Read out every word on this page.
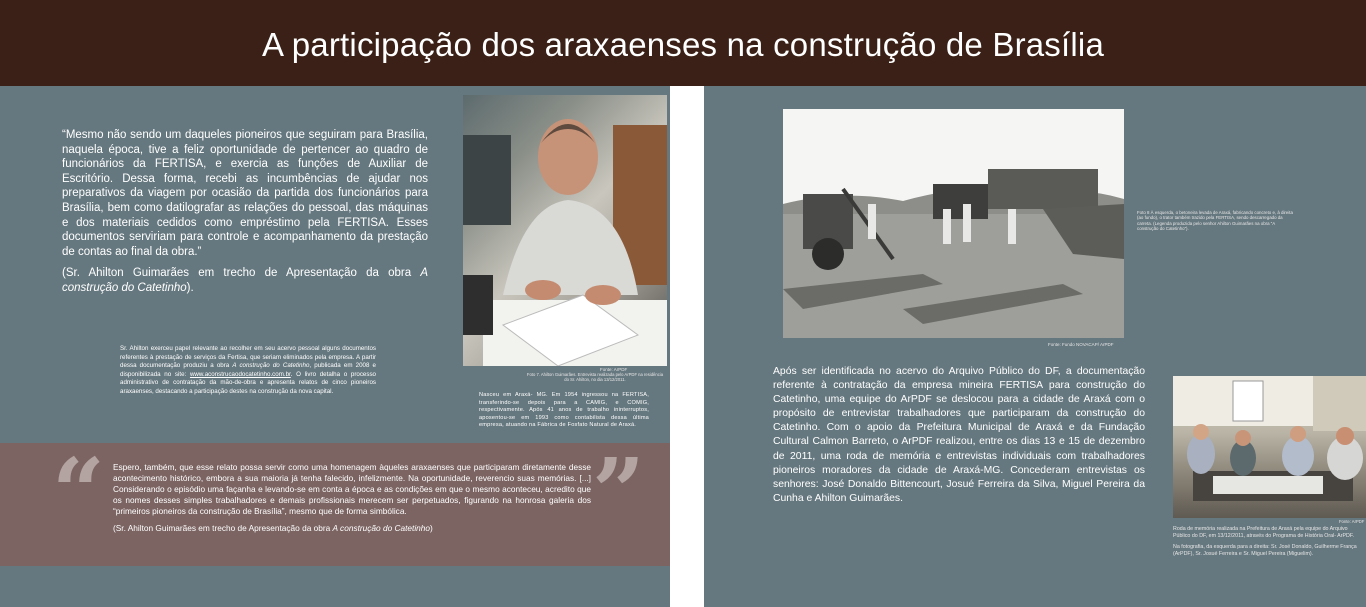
A participação dos araxaenses na construção de Brasília

“Mesmo não sendo um daqueles pioneiros que seguiram para Brasília, naquela época, tive a feliz oportunidade de pertencer ao quadro de funcionários da FERTISA, e exercia as funções de Auxiliar de Escritório. Dessa forma, recebi as incumbências de ajudar nos preparativos da viagem por ocasião da partida dos funcionários para Brasília, bem como datilografar as relações do pessoal, das máquinas e dos materiais cedidos como empréstimo pela FERTISA. Esses documentos serviriam para controle e acompanhamento da prestação de contas ao final da obra.”

(Sr. Ahilton Guimarães em trecho de Apresentação da obra A construção do Catetinho).

Sr. Ahilton exerceu papel relevante ao recolher em seu acervo pessoal alguns documentos referentes à prestação de serviços da Fertisa, que seriam eliminados pela empresa. A partir dessa documentação produziu a obra A construção do Catetinho, publicada em 2008 e disponibilizada no site: www.aconstrucaodocatetinho.com.br. O livro detalha o processo administrativo de contratação da mão-de-obra e apresenta relatos de cinco pioneiros araxaenses, destacando a participação destes na construção da nova capital.
Fonte: ArPDF
Foto 7. Ahilton Guimarães. Entrevista realizada pelo ArPDF na residência do Sr. Ahilton, no dia 13/12/2011.
Nasceu em Araxá- MG. Em 1954 ingressou na FERTISA, transferindo-se depois para a CAMIG, e COMIG, respectivamente. Após 41 anos de trabalho ininterruptos, aposentou-se em 1993 como contabilista dessa última empresa, atuando na Fábrica de Fosfato Natural de Araxá.
“	”

Espero, também, que esse relato possa servir como uma homenagem àqueles araxaenses que participaram diretamente desse acontecimento histórico, embora a sua maioria já tenha falecido, infelizmente. Na oportunidade, reverencio suas memórias. [...] Considerando o episódio uma façanha e levando-se em conta a época e as condições em que o mesmo aconteceu, acredito que os nomes desses simples trabalhadores e demais profissionais merecem ser perpetuados, figurando na honrosa galeria dos “primeiros pioneiros da construção de Brasília”, mesmo que de forma simbólica.

(Sr. Ahilton Guimarães em trecho de Apresentação da obra A construção do Catetinho)

Fonte: Fundo NOVACAP/ ArPDF
Foto 8 À esquerda, o betoneira levada de Araxá, fabricando concreto e, à direita (ao fundo), o trator também trazido pela FERTISA, sendo descarregado da carreta. (Legenda produzida pelo senhor Ahilton Guimarães na obra “A construção do Catetinho”).
Após ser identificada no acervo do Arquivo Público do DF, a documentação referente à contratação da empresa mineira FERTISA para construção do Catetinho, uma equipe do ArPDF se deslocou para a cidade de Araxá com o propósito de entrevistar trabalhadores que participaram da construção do Catetinho. Com o apoio da Prefeitura Municipal de Araxá e da Fundação Cultural Calmon Barreto, o ArPDF realizou, entre os dias 13 e 15 de dezembro de 2011, uma roda de memória e entrevistas individuais com trabalhadores pioneiros moradores da cidade de Araxá-MG. Concederam entrevistas os senhores: José Donaldo Bittencourt, Josué Ferreira da Silva, Miguel Pereira da Cunha e Ahilton Guimarães.
Fonte: ArPDF

Roda de memória realizada na Prefeitura de Araxá pela equipe do Arquivo Público do DF, em 13/12/2011, através do Programa de História Oral- ArPDF.

Na fotografia, da esquerda para a direita: Sr. José Donaldo, Guilherme França (ArPDF), Sr. Josué Ferreira e Sr. Miguel Pereira (Miguelim).
